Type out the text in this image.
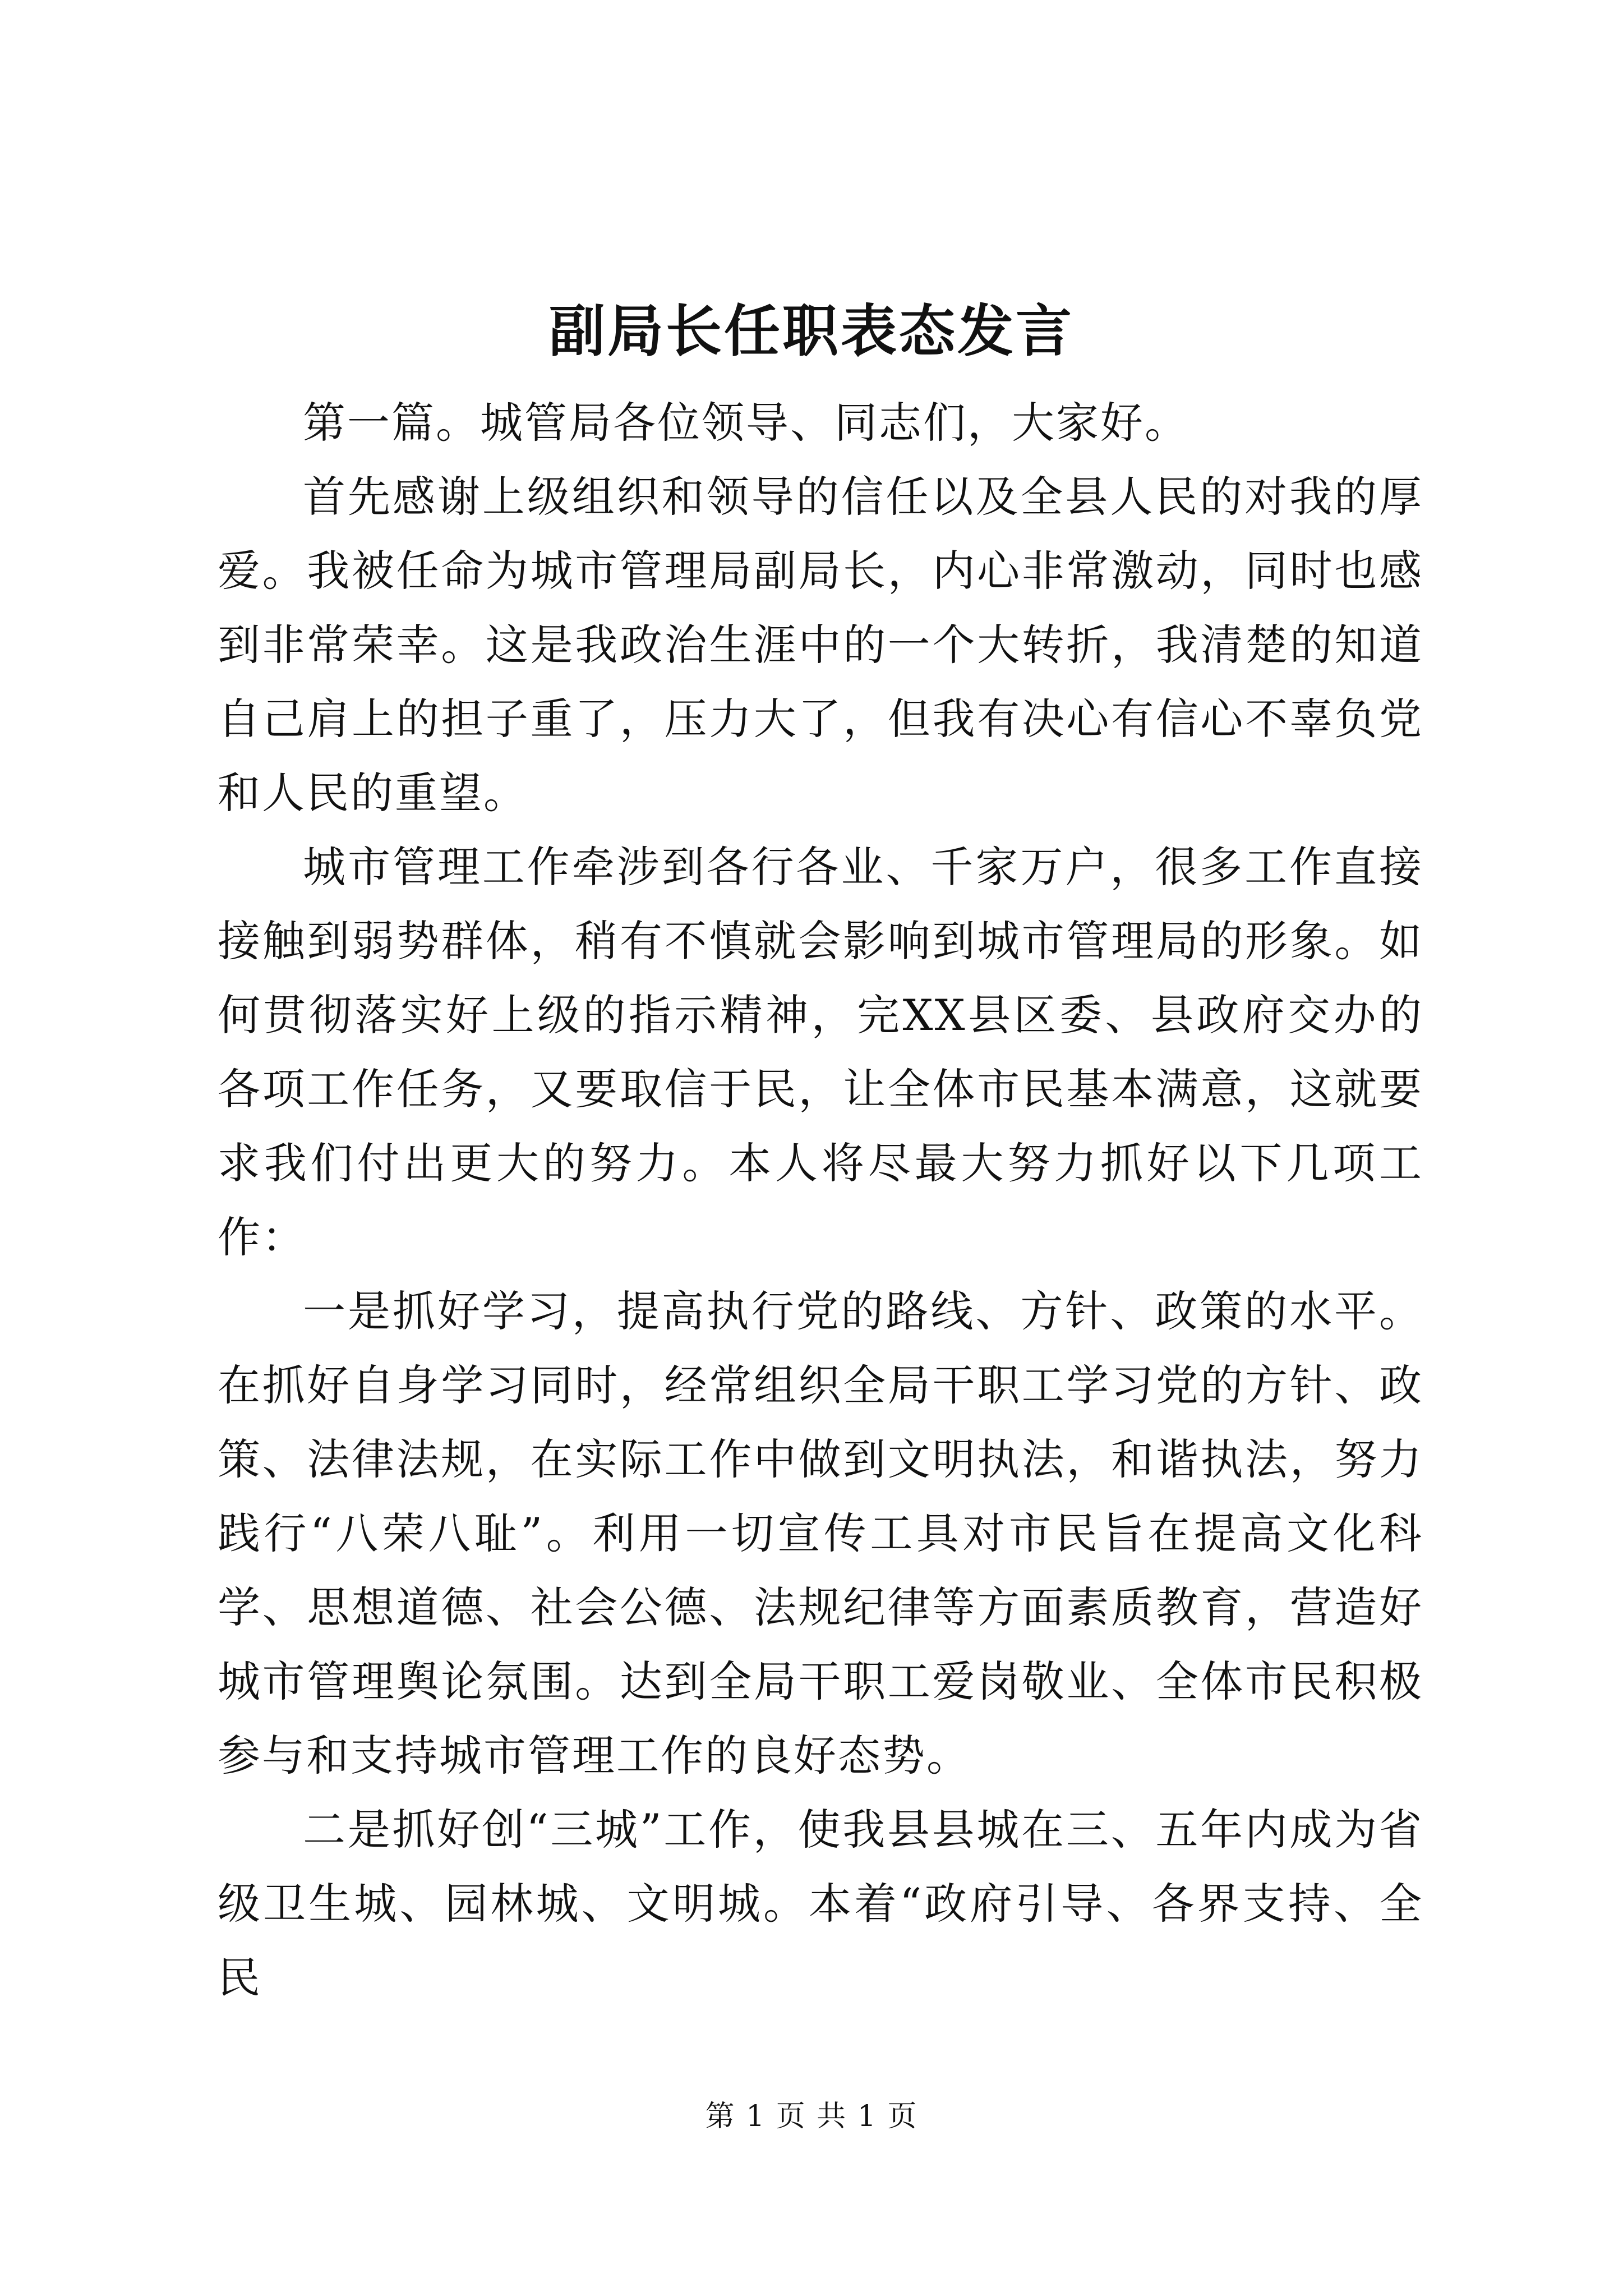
副局长任职表态发言

第一篇。城管局各位领导、同志们，大家好。

首先感谢上级组织和领导的信任以及全县人民的对我的厚爱。我被任命为城市管理局副局长，内心非常激动，同时也感到非常荣幸。这是我政治生涯中的一个大转折，我清楚的知道自己肩上的担子重了，压力大了，但我有决心有信心不辜负党和人民的重望。

城市管理工作牵涉到各行各业、千家万户，很多工作直接接触到弱势群体，稍有不慎就会影响到城市管理局的形象。如何贯彻落实好上级的指示精神，完XX县区委、县政府交办的各项工作任务，又要取信于民，让全体市民基本满意，这就要求我们付出更大的努力。本人将尽最大努力抓好以下几项工作：

一是抓好学习，提高执行党的路线、方针、政策的水平。在抓好自身学习同时，经常组织全局干职工学习党的方针、政策、法律法规，在实际工作中做到文明执法，和谐执法，努力践行“八荣八耻”。利用一切宣传工具对市民旨在提高文化科学、思想道德、社会公德、法规纪律等方面素质教育，营造好城市管理舆论氛围。达到全局干职工爱岗敬业、全体市民积极参与和支持城市管理工作的良好态势。

二是抓好创“三城”工作，使我县县城在三、五年内成为省级卫生城、园林城、文明城。本着“政府引导、各界支持、全民

第 1 页 共 1 页
